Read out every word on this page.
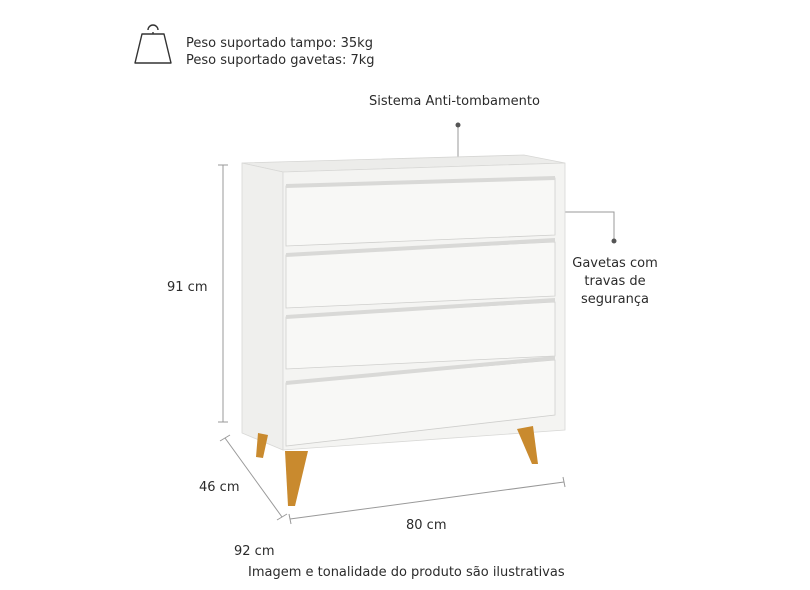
Peso suportado tampo: 35kg
Peso suportado gavetas: 7kg
Sistema Anti-tombamento
Gavetas com
travas de
segurança
91 cm
46 cm
80 cm
92 cm
Imagem e tonalidade do produto são ilustrativas
